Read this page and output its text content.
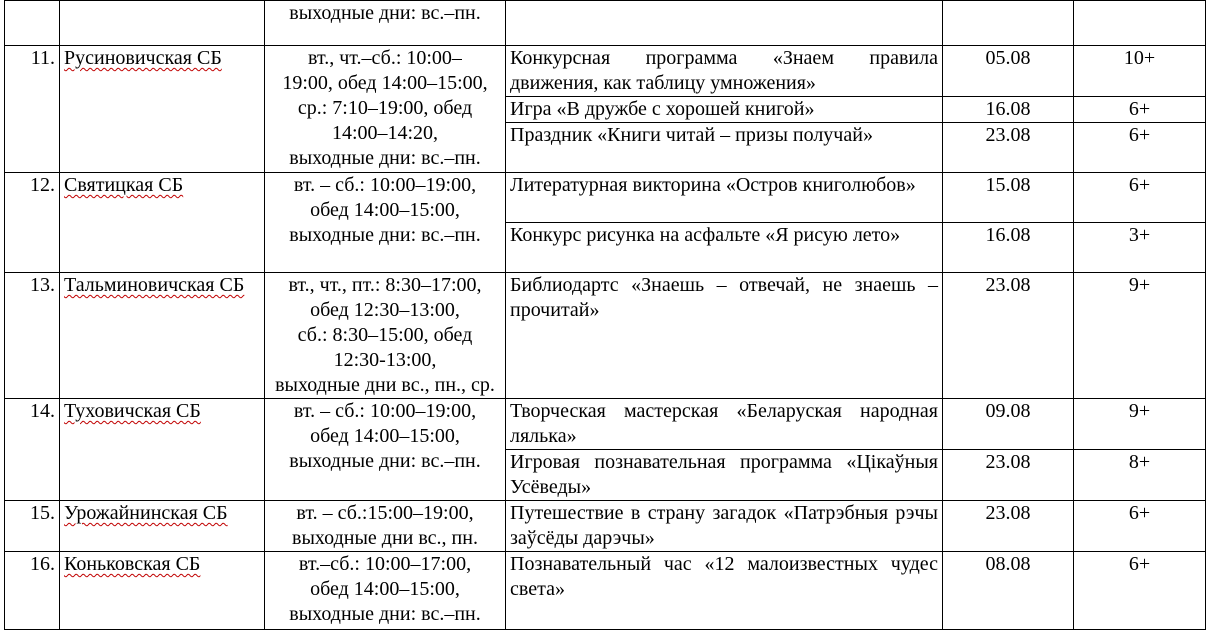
		выходные дни: вс.–пн.			
11.	Русиновичская СБ	вт., чт.–сб.: 10:00–
19:00, обед 14:00–15:00,
ср.: 7:10–19:00, обед
14:00–14:20,
выходные дни: вс.–пн.	Конкурсная программа «Знаем правила движения, как таблицу умножения»	05.08	10+
			Игра «В дружбе с хорошей книгой»	16.08	6+
			Праздник «Книги читай – призы получай»	23.08	6+
12.	Святицкая СБ	вт. – сб.: 10:00–19:00,
обед 14:00–15:00,
выходные дни: вс.–пн.	Литературная викторина «Остров книголюбов»	15.08	6+
			Конкурс рисунка на асфальте «Я рисую лето»	16.08	3+
13.	Тальминовичская СБ	вт., чт., пт.: 8:30–17:00,
обед 12:30–13:00,
сб.: 8:30–15:00, обед
12:30-13:00,
выходные дни вс., пн., ср.	Библиодартс «Знаешь – отвечай, не знаешь – прочитай»	23.08	9+
14.	Туховичская СБ	вт. – сб.: 10:00–19:00,
обед 14:00–15:00,
выходные дни: вс.–пн.	Творческая мастерская «Беларуская народная лялька»	09.08	9+
			Игровая познавательная программа «Цікаўныя Усёведы»	23.08	8+
15.	Урожайнинская СБ	вт. – сб.:15:00–19:00,
выходные дни вс., пн.	Путешествие в страну загадок «Патрэбныя рэчы заўсёды дарэчы»	23.08	6+
16.	Коньковская СБ	вт.–сб.: 10:00–17:00,
обед 14:00–15:00,
выходные дни: вс.–пн.	Познавательный час «12 малоизвестных чудес света»	08.08	6+
